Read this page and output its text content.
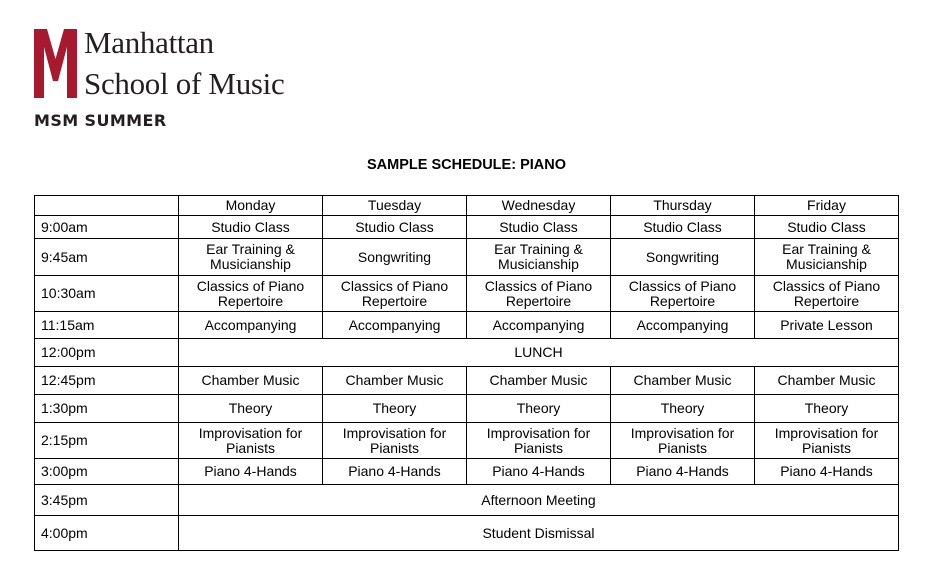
Manhattan
School of Music
MSM SUMMER
SAMPLE SCHEDULE: PIANO
	Monday	Tuesday	Wednesday	Thursday	Friday
9:00am	Studio Class	Studio Class	Studio Class	Studio Class	Studio Class
9:45am	Ear Training & Musicianship	Songwriting	Ear Training & Musicianship	Songwriting	Ear Training & Musicianship
10:30am	Classics of Piano Repertoire	Classics of Piano Repertoire	Classics of Piano Repertoire	Classics of Piano Repertoire	Classics of Piano Repertoire
11:15am	Accompanying	Accompanying	Accompanying	Accompanying	Private Lesson
12:00pm	LUNCH				
12:45pm	Chamber Music	Chamber Music	Chamber Music	Chamber Music	Chamber Music
1:30pm	Theory	Theory	Theory	Theory	Theory
2:15pm	Improvisation for Pianists	Improvisation for Pianists	Improvisation for Pianists	Improvisation for Pianists	Improvisation for Pianists
3:00pm	Piano 4-Hands	Piano 4-Hands	Piano 4-Hands	Piano 4-Hands	Piano 4-Hands
3:45pm	Afternoon Meeting				
4:00pm	Student Dismissal				
